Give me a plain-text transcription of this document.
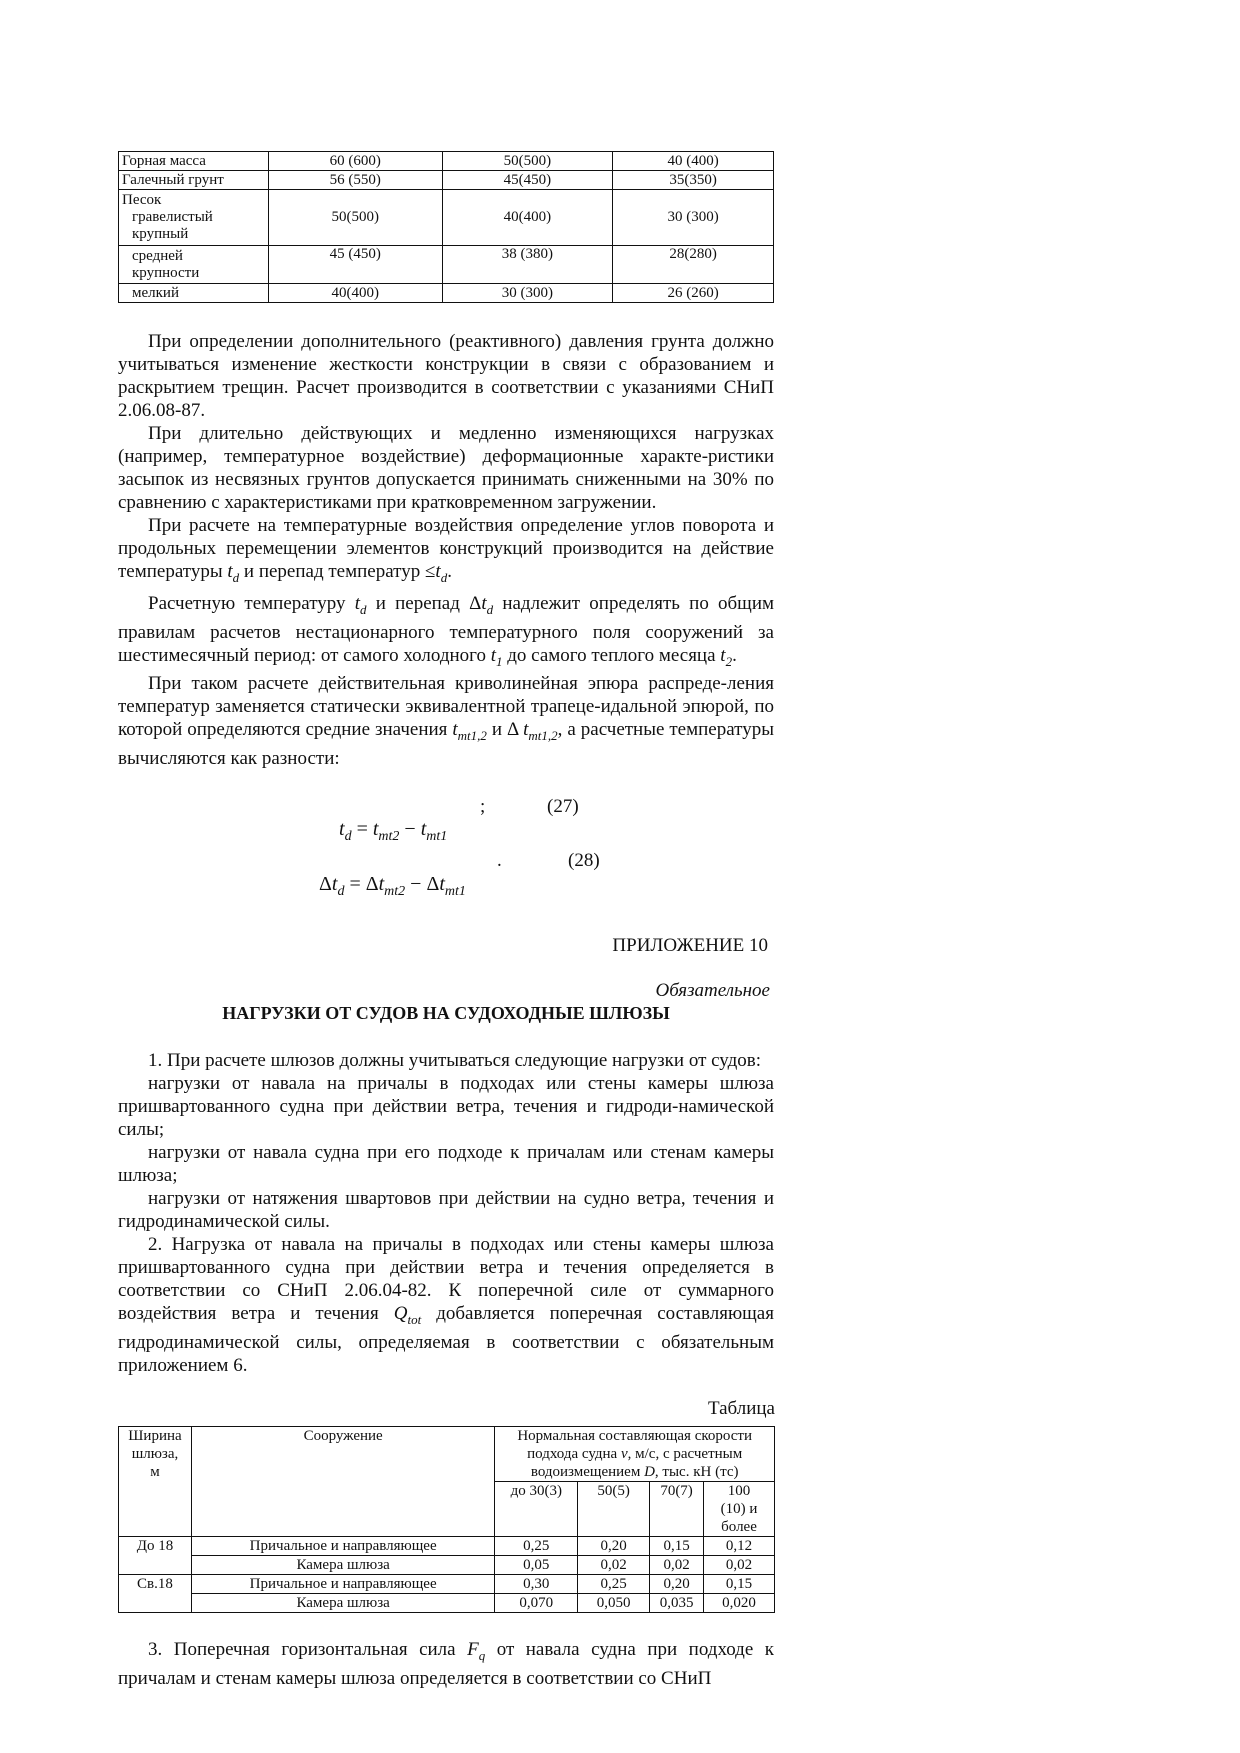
Горная масса	60 (600)	50(500)	40 (400)
Галечный грунт	56 (550)	45(450)	35(350)

Песок
гравелистый
крупный	50(500)	40(400)	30 (300)

средней
крупности	45 (450)	38 (380)	28(280)
мелкий	40(400)	30 (300)	26 (260)

При определении дополнительного (реактивного) давления грунта должно учитываться изменение жесткости конструкции в связи с образованием и раскрытием трещин. Расчет производится в соответствии с указаниями СНиП 2.06.08-87.

При длительно действующих и медленно изменяющихся нагрузках (например, температурное воздействие) деформационные характе-ристики засыпок из несвязных грунтов допускается принимать сниженными на 30% по сравнению с характеристиками при кратковременном загружении.

При расчете на температурные воздействия определение углов поворота и продольных перемещении элементов конструкций производится на действие температуры $t_d$ и перепад температур $\le t_d$.

Расчетную температуру $t_d$ и перепад $\Delta t_d$ надлежит определять по общим правилам расчетов нестационарного температурного поля сооружений за шестимесячный период: от самого холодного $t_1$ до самого теплого месяца $t_2$.

При таком расчете действительная криволинейная эпюра распреде-ления температур заменяется статически эквивалентной трапеце-идальной эпюрой, по которой определяются средние значения $t_{mt1,2}$ и Δ $t_{mt1,2}$, а расчетные температуры вычисляются как разности:

;	(27)
$t_d = t_{mt2} - t_{mt1}$
.	(28)
$\Delta t_d = \Delta t_{mt2} - \Delta t_{mt1}$
ПРИЛОЖЕНИЕ 10
Обязательное
НАГРУЗКИ ОТ СУДОВ НА СУДОХОДНЫЕ ШЛЮЗЫ

1. При расчете шлюзов должны учитываться следующие нагрузки от судов:

нагрузки от навала на причалы в подходах или стены камеры шлюза пришвартованного судна при действии ветра, течения и гидроди-намической силы;

нагрузки от навала судна при его подходе к причалам или стенам камеры шлюза;

нагрузки от натяжения швартовов при действии на судно ветра, течения и гидродинамической силы.

2. Нагрузка от навала на причалы в подходах или стены камеры шлюза пришвартованного судна при действии ветра и течения определяется в соответствии со СНиП 2.06.04-82. К поперечной силе от суммарного воздействия ветра и течения $Q_{tot}$ добавляется поперечная составляющая гидродинамической силы, определяемая в соответствии с обязательным приложением 6.

Таблица
Ширина
шлюза,
м	Сооружение	Нормальная составляющая скорости подхода судна v, м/с, с расчетным водоизмещением D, тыс. кН (тс)			
		до 30(3)	50(5)	70(7)	100
(10) и
более

До 18	Причальное и направляющее	0,25	0,20	0,15	0,12
	Камера шлюза	0,05	0,02	0,02	0,02
Св.18	Причальное и направляющее	0,30	0,25	0,20	0,15
	Камера шлюза	0,070	0,050	0,035	0,020

3. Поперечная горизонтальная сила $F_q$ от навала судна при подходе к причалам и стенам камеры шлюза определяется в соответствии со СНиП
